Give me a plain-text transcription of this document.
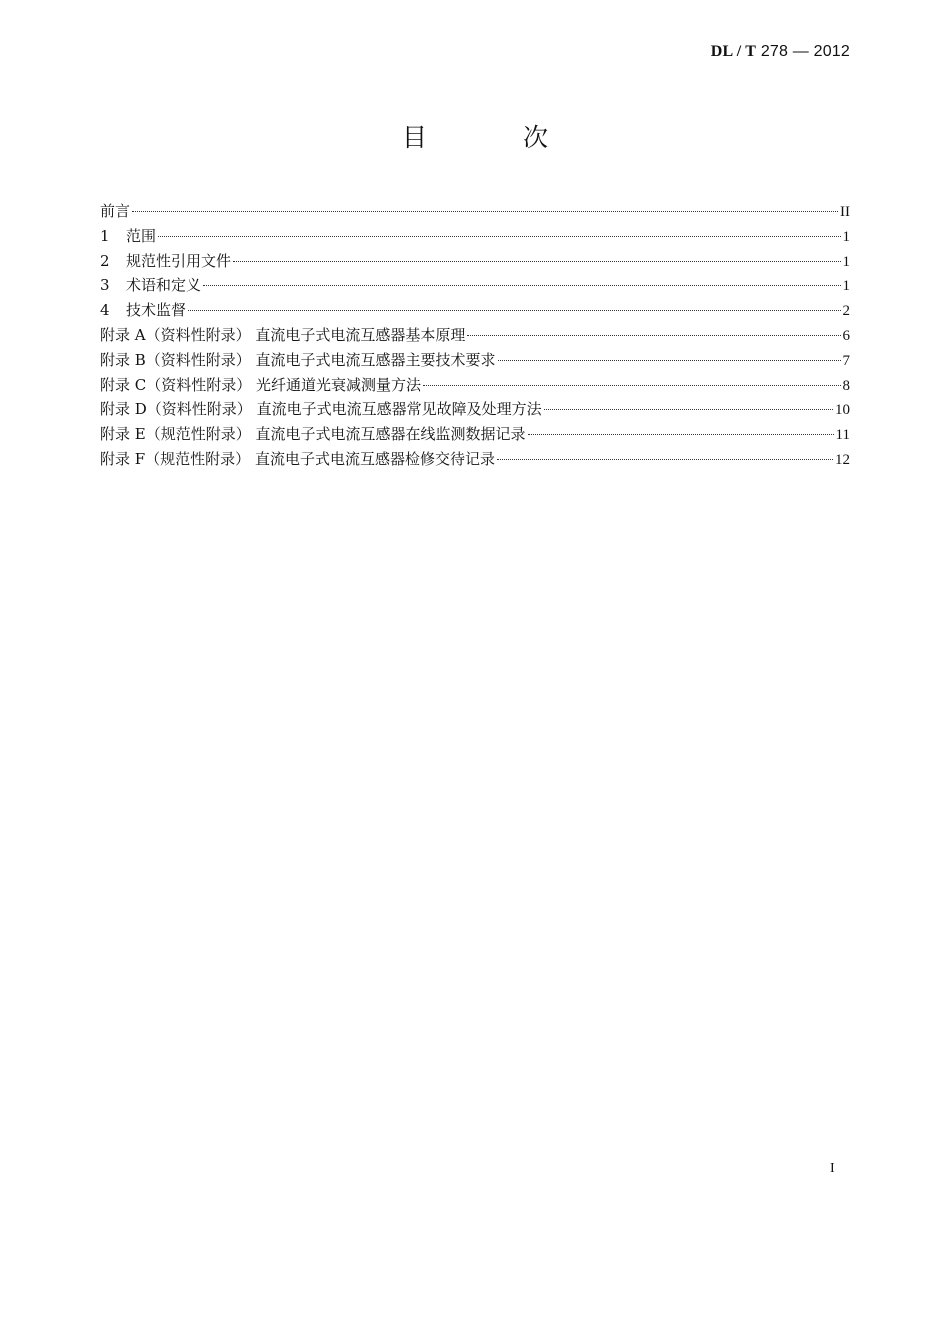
DL / T 278 — 2012
目 次
前言	II
1 范围	1
2 规范性引用文件	1
3 术语和定义	1
4 技术监督	2
附录 A（资料性附录） 直流电子式电流互感器基本原理	6
附录 B（资料性附录） 直流电子式电流互感器主要技术要求	7
附录 C（资料性附录） 光纤通道光衰减测量方法	8
附录 D（资料性附录） 直流电子式电流互感器常见故障及处理方法	10
附录 E（规范性附录） 直流电子式电流互感器在线监测数据记录	11
附录 F（规范性附录） 直流电子式电流互感器检修交待记录	12
I
